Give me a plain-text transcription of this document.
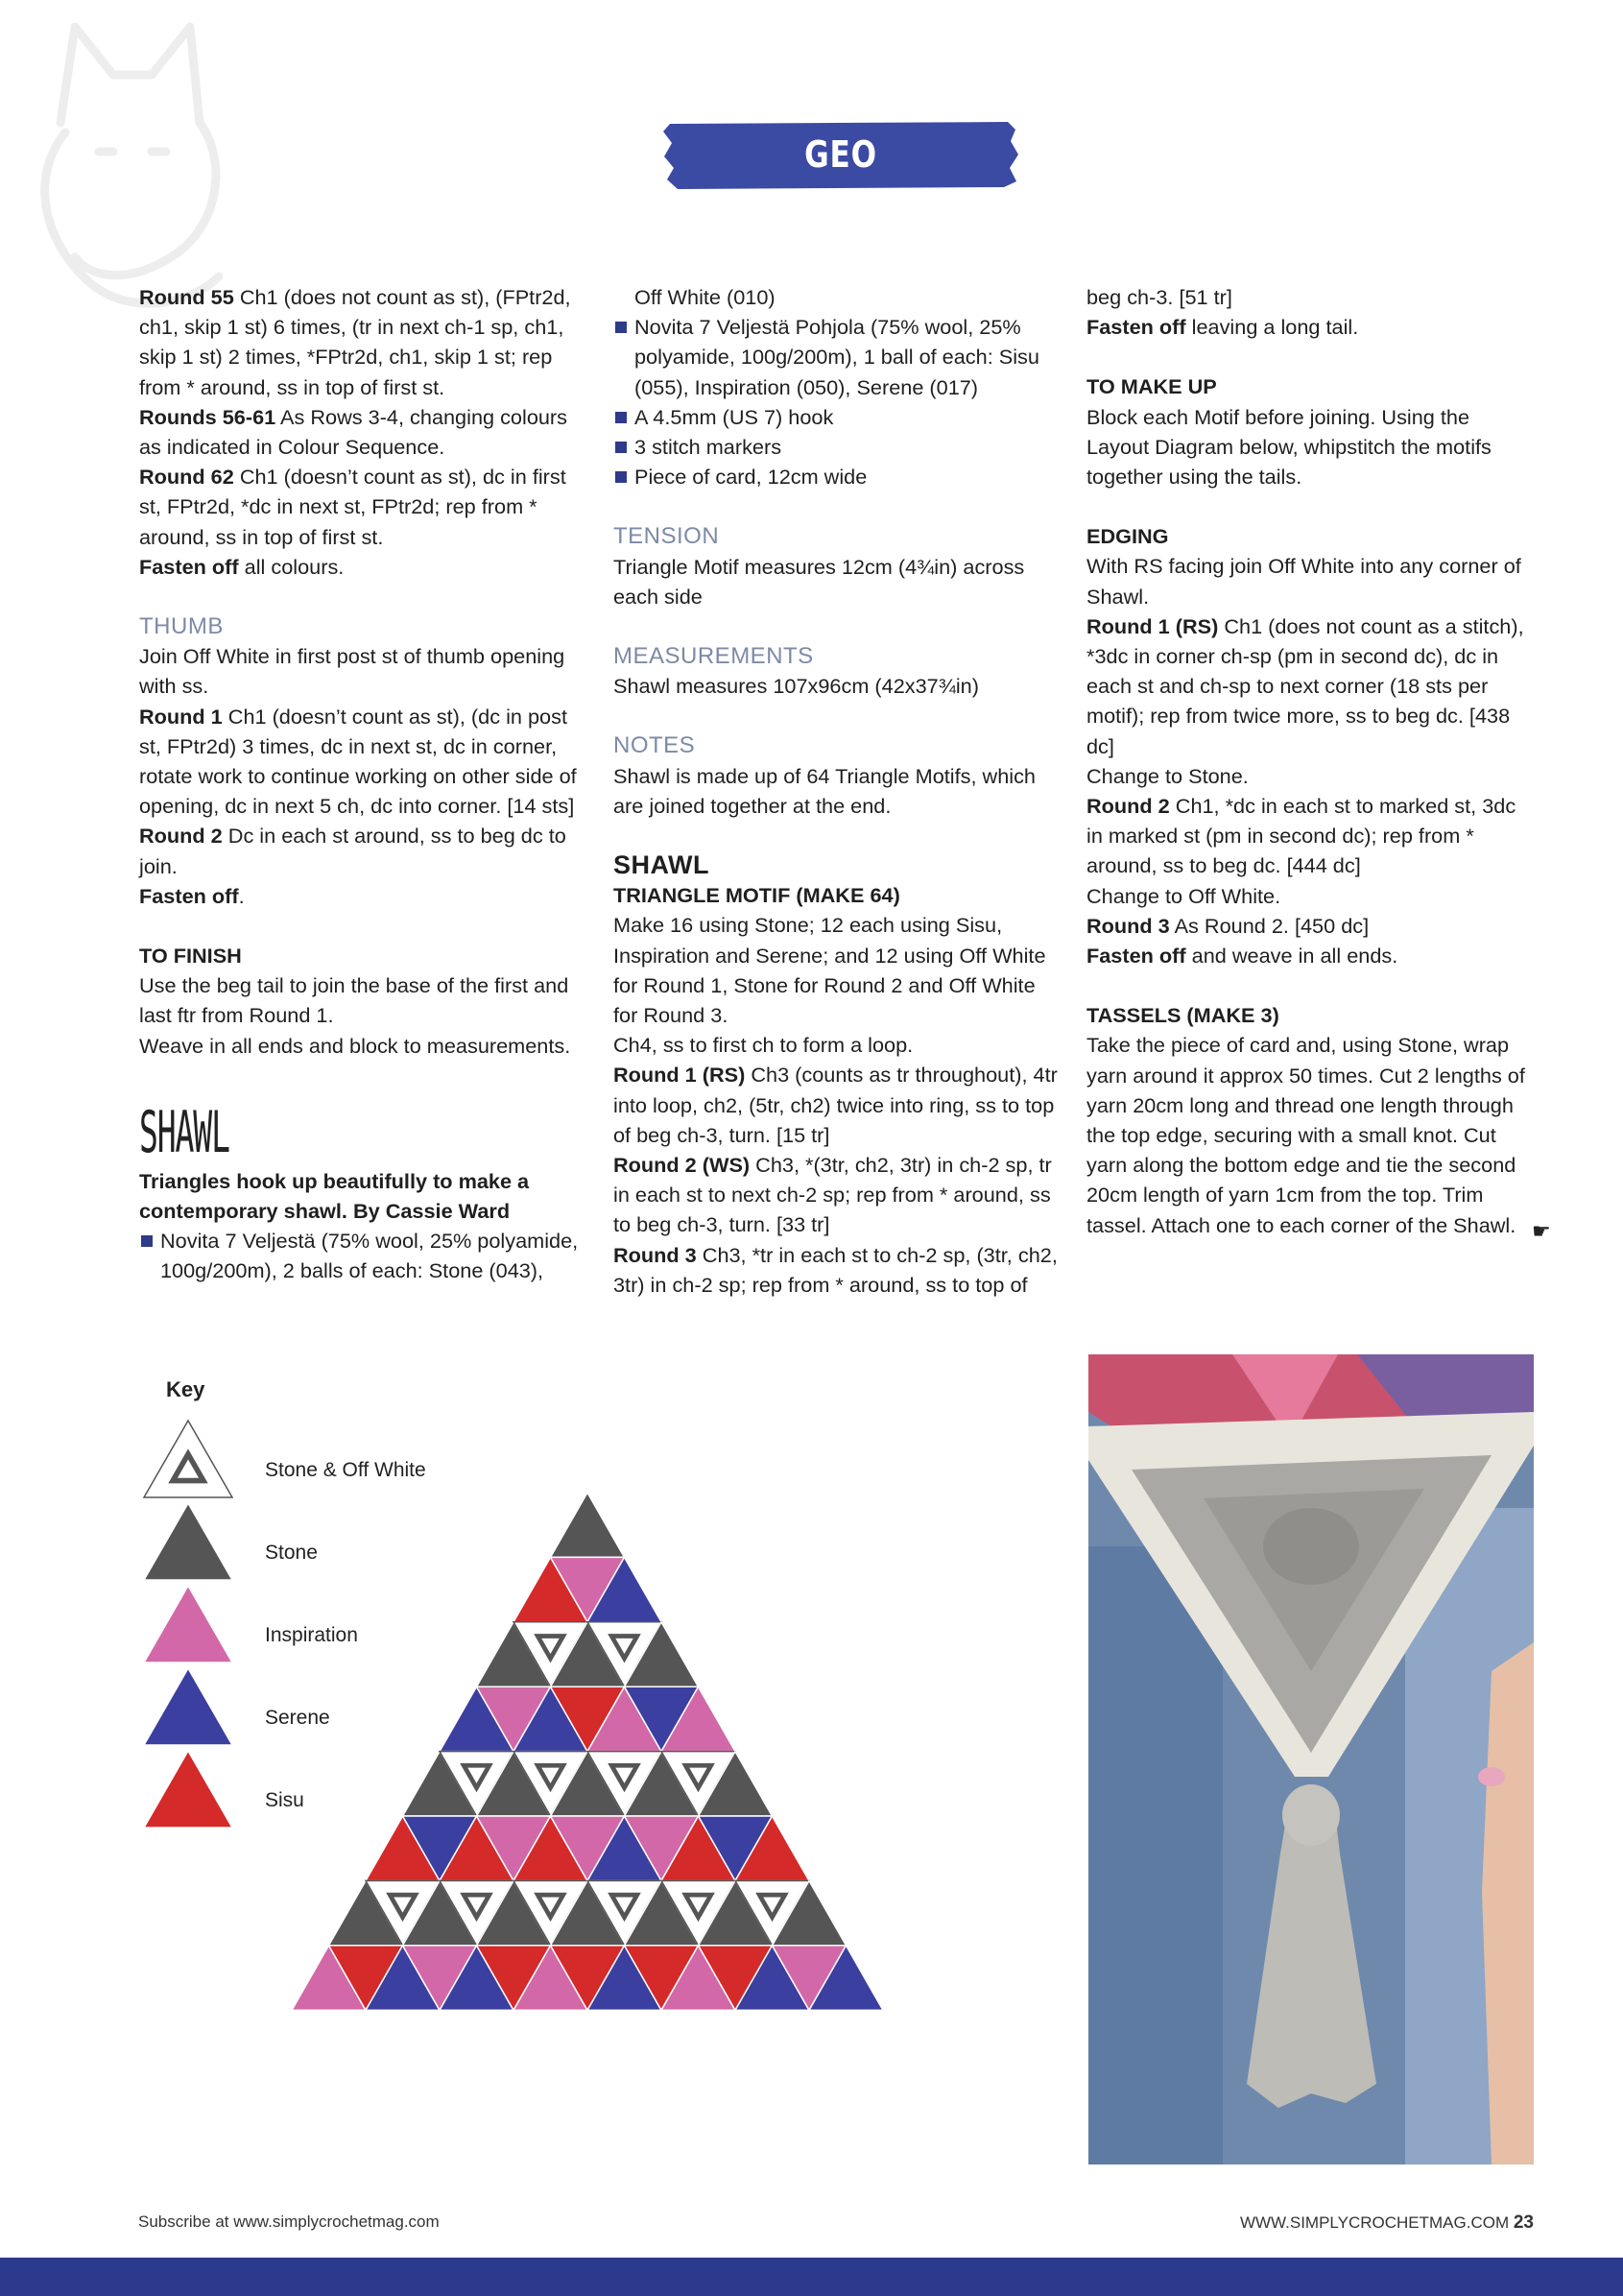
GEO ACCESSORIES

Round 55 Ch1 (does not count as st), (FPtr2d, ch1, skip 1 st) 6 times, (tr in next ch-1 sp, ch1, skip 1 st) 2 times, *FPtr2d, ch1, skip 1 st; rep from * around, ss in top of first st.

Rounds 56-61 As Rows 3-4, changing colours as indicated in Colour Sequence.

Round 62 Ch1 (doesn’t count as st), dc in first st, FPtr2d, *dc in next st, FPtr2d; rep from * around, ss in top of first st.

Fasten off all colours.

THUMB

Join Off White in first post st of thumb opening with ss.

Round 1 Ch1 (doesn’t count as st), (dc in post st, FPtr2d) 3 times, dc in next st, dc in corner, rotate work to continue working on other side of opening, dc in next 5 ch, dc into corner. [14 sts]

Round 2 Dc in each st around, ss to beg dc to join.

Fasten off.

TO FINISH

Use the beg tail to join the base of the first and last ftr from Round 1.

Weave in all ends and block to measurements.

SHAWL

Triangles hook up beautifully to make a contemporary shawl. By Cassie Ward

Novita 7 Veljestä (75% wool, 25% polyamide, 100g/200m), 2 balls of each: Stone (043),

Off White (010)

Novita 7 Veljestä Pohjola (75% wool, 25% polyamide, 100g/200m), 1 ball of each: Sisu (055), Inspiration (050), Serene (017)

A 4.5mm (US 7) hook

3 stitch markers

Piece of card, 12cm wide

TENSION

Triangle Motif measures 12cm (4¾in) across each side

MEASUREMENTS

Shawl measures 107x96cm (42x37¾in)

NOTES

Shawl is made up of 64 Triangle Motifs, which are joined together at the end.

SHAWL

TRIANGLE MOTIF (MAKE 64)

Make 16 using Stone; 12 each using Sisu, Inspiration and Serene; and 12 using Off White for Round 1, Stone for Round 2 and Off White for Round 3.

Ch4, ss to first ch to form a loop.

Round 1 (RS) Ch3 (counts as tr throughout), 4tr into loop, ch2, (5tr, ch2) twice into ring, ss to top of beg ch-3, turn. [15 tr]

Round 2 (WS) Ch3, *(3tr, ch2, 3tr) in ch-2 sp, tr in each st to next ch-2 sp; rep from * around, ss to beg ch-3, turn. [33 tr]

Round 3 Ch3, *tr in each st to ch-2 sp, (3tr, ch2, 3tr) in ch-2 sp; rep from * around, ss to top of

beg ch-3. [51 tr]

Fasten off leaving a long tail.

TO MAKE UP

Block each Motif before joining. Using the Layout Diagram below, whipstitch the motifs together using the tails.

EDGING

With RS facing join Off White into any corner of Shawl.

Round 1 (RS) Ch1 (does not count as a stitch), *3dc in corner ch-sp (pm in second dc), dc in each st and ch-sp to next corner (18 sts per motif); rep from twice more, ss to beg dc. [438 dc]

Change to Stone.

Round 2 Ch1, *dc in each st to marked st, 3dc in marked st (pm in second dc); rep from * around, ss to beg dc. [444 dc]

Change to Off White.

Round 3 As Round 2. [450 dc]

Fasten off and weave in all ends.

TASSELS (MAKE 3)

Take the piece of card and, using Stone, wrap yarn around it approx 50 times. Cut 2 lengths of yarn 20cm long and thread one length through the top edge, securing with a small knot. Cut yarn along the bottom edge and tie the second 20cm length of yarn 1cm from the top. Trim tassel. Attach one to each corner of the Shawl. ☛
Key
Stone & Off White
Stone
Inspiration
Serene
Sisu
Subscribe at www.simplycrochetmag.com	WWW.SIMPLYCROCHETMAG.COM 23
